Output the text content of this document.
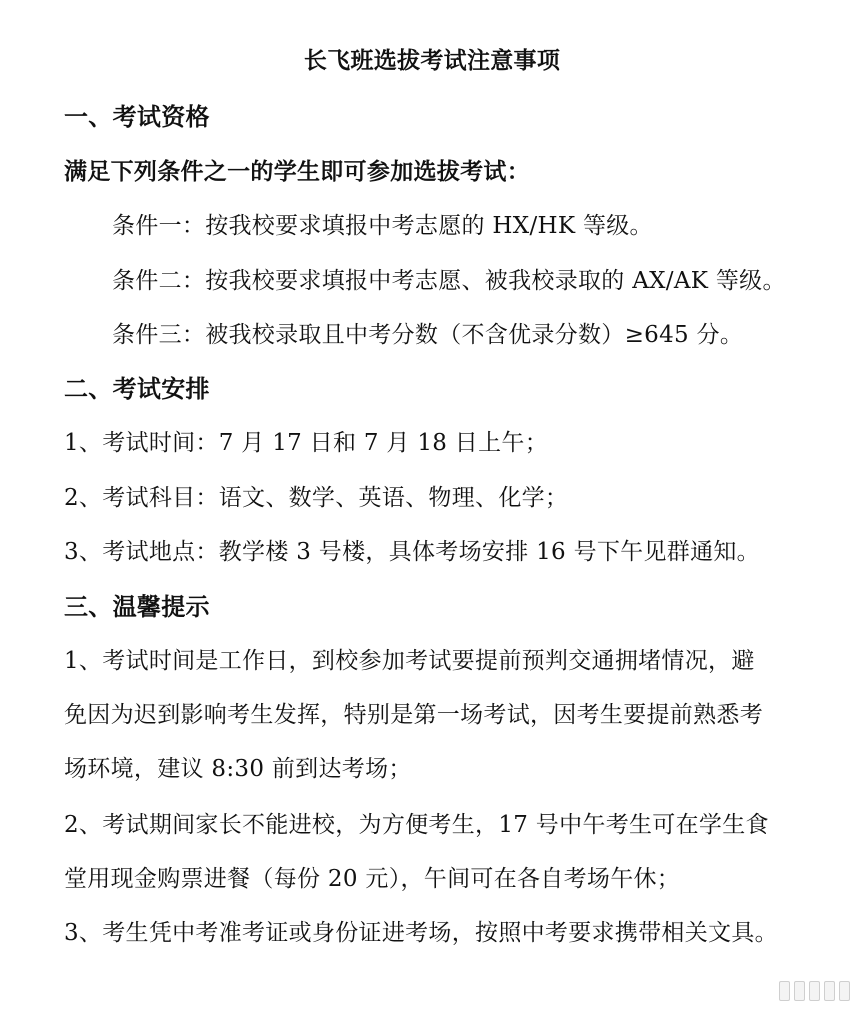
长飞班选拔考试注意事项
一、考试资格
满足下列条件之一的学生即可参加选拔考试：
条件一：按我校要求填报中考志愿的 HX/HK 等级。
条件二：按我校要求填报中考志愿、被我校录取的 AX/AK 等级。
条件三：被我校录取且中考分数（不含优录分数）≥645 分。
二、考试安排
1、考试时间：7 月 17 日和 7 月 18 日上午；
2、考试科目：语文、数学、英语、物理、化学；
3、考试地点：教学楼 3 号楼，具体考场安排 16 号下午见群通知。
三、温馨提示
1、考试时间是工作日，到校参加考试要提前预判交通拥堵情况，避
免因为迟到影响考生发挥，特别是第一场考试，因考生要提前熟悉考
场环境，建议 8:30 前到达考场；
2、考试期间家长不能进校，为方便考生，17 号中午考生可在学生食
堂用现金购票进餐（每份 20 元），午间可在各自考场午休；
3、考生凭中考准考证或身份证进考场，按照中考要求携带相关文具。
